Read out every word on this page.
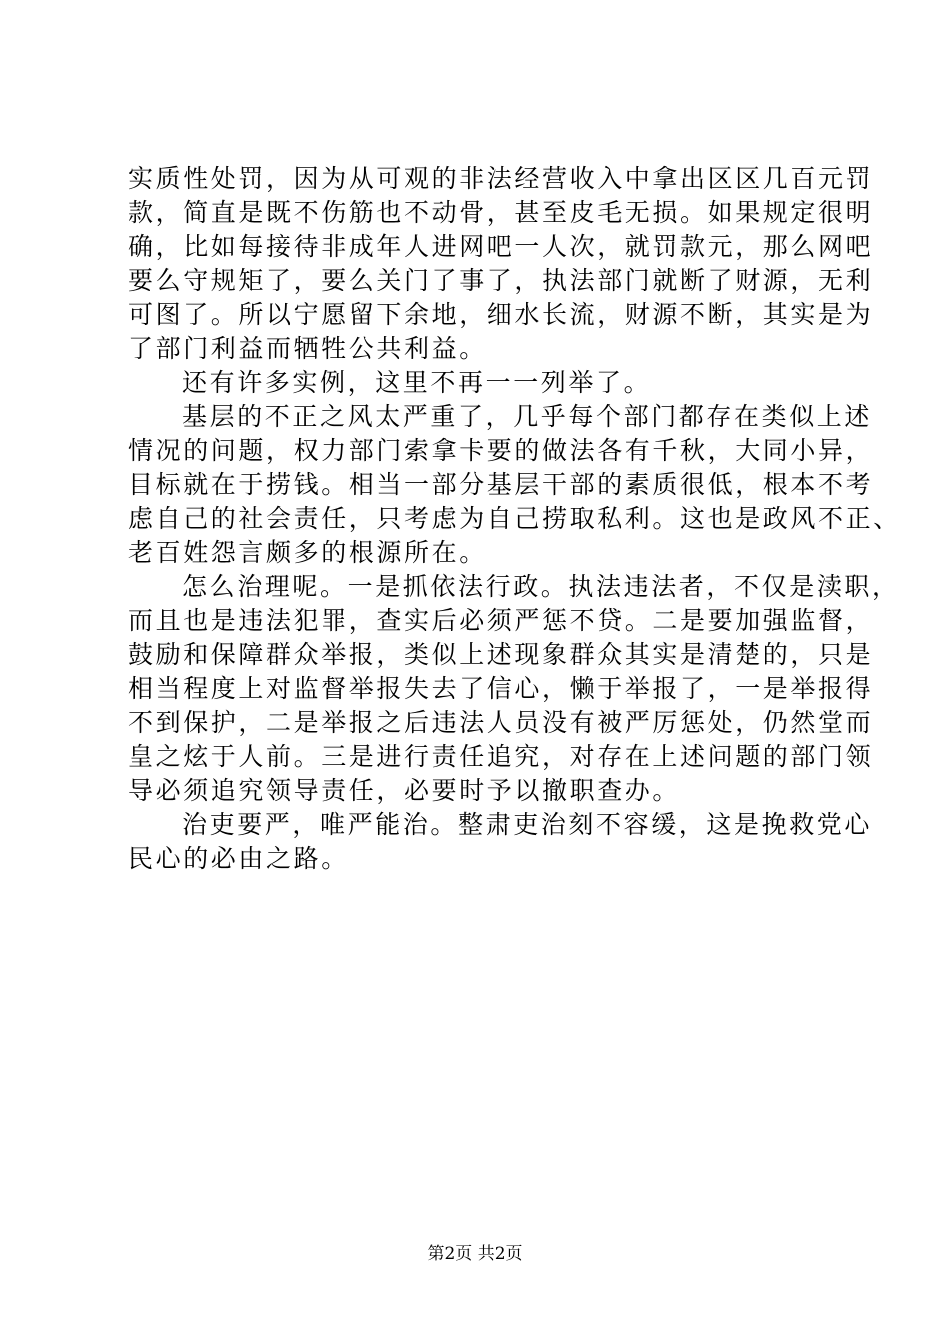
实质性处罚，因为从可观的非法经营收入中拿出区区几百元罚
款，简直是既不伤筋也不动骨，甚至皮毛无损。如果规定很明
确，比如每接待非成年人进网吧一人次，就罚款元，那么网吧
要么守规矩了，要么关门了事了，执法部门就断了财源，无利
可图了。所以宁愿留下余地，细水长流，财源不断，其实是为
了部门利益而牺牲公共利益。
还有许多实例，这里不再一一列举了。
基层的不正之风太严重了，几乎每个部门都存在类似上述
情况的问题，权力部门索拿卡要的做法各有千秋，大同小异，
目标就在于捞钱。相当一部分基层干部的素质很低，根本不考
虑自己的社会责任，只考虑为自己捞取私利。这也是政风不正、
老百姓怨言颇多的根源所在。
怎么治理呢。一是抓依法行政。执法违法者，不仅是渎职，
而且也是违法犯罪，查实后必须严惩不贷。二是要加强监督，
鼓励和保障群众举报，类似上述现象群众其实是清楚的，只是
相当程度上对监督举报失去了信心，懒于举报了，一是举报得
不到保护，二是举报之后违法人员没有被严厉惩处，仍然堂而
皇之炫于人前。三是进行责任追究，对存在上述问题的部门领
导必须追究领导责任，必要时予以撤职查办。
治吏要严，唯严能治。整肃吏治刻不容缓，这是挽救党心
民心的必由之路。
第2页 共2页
